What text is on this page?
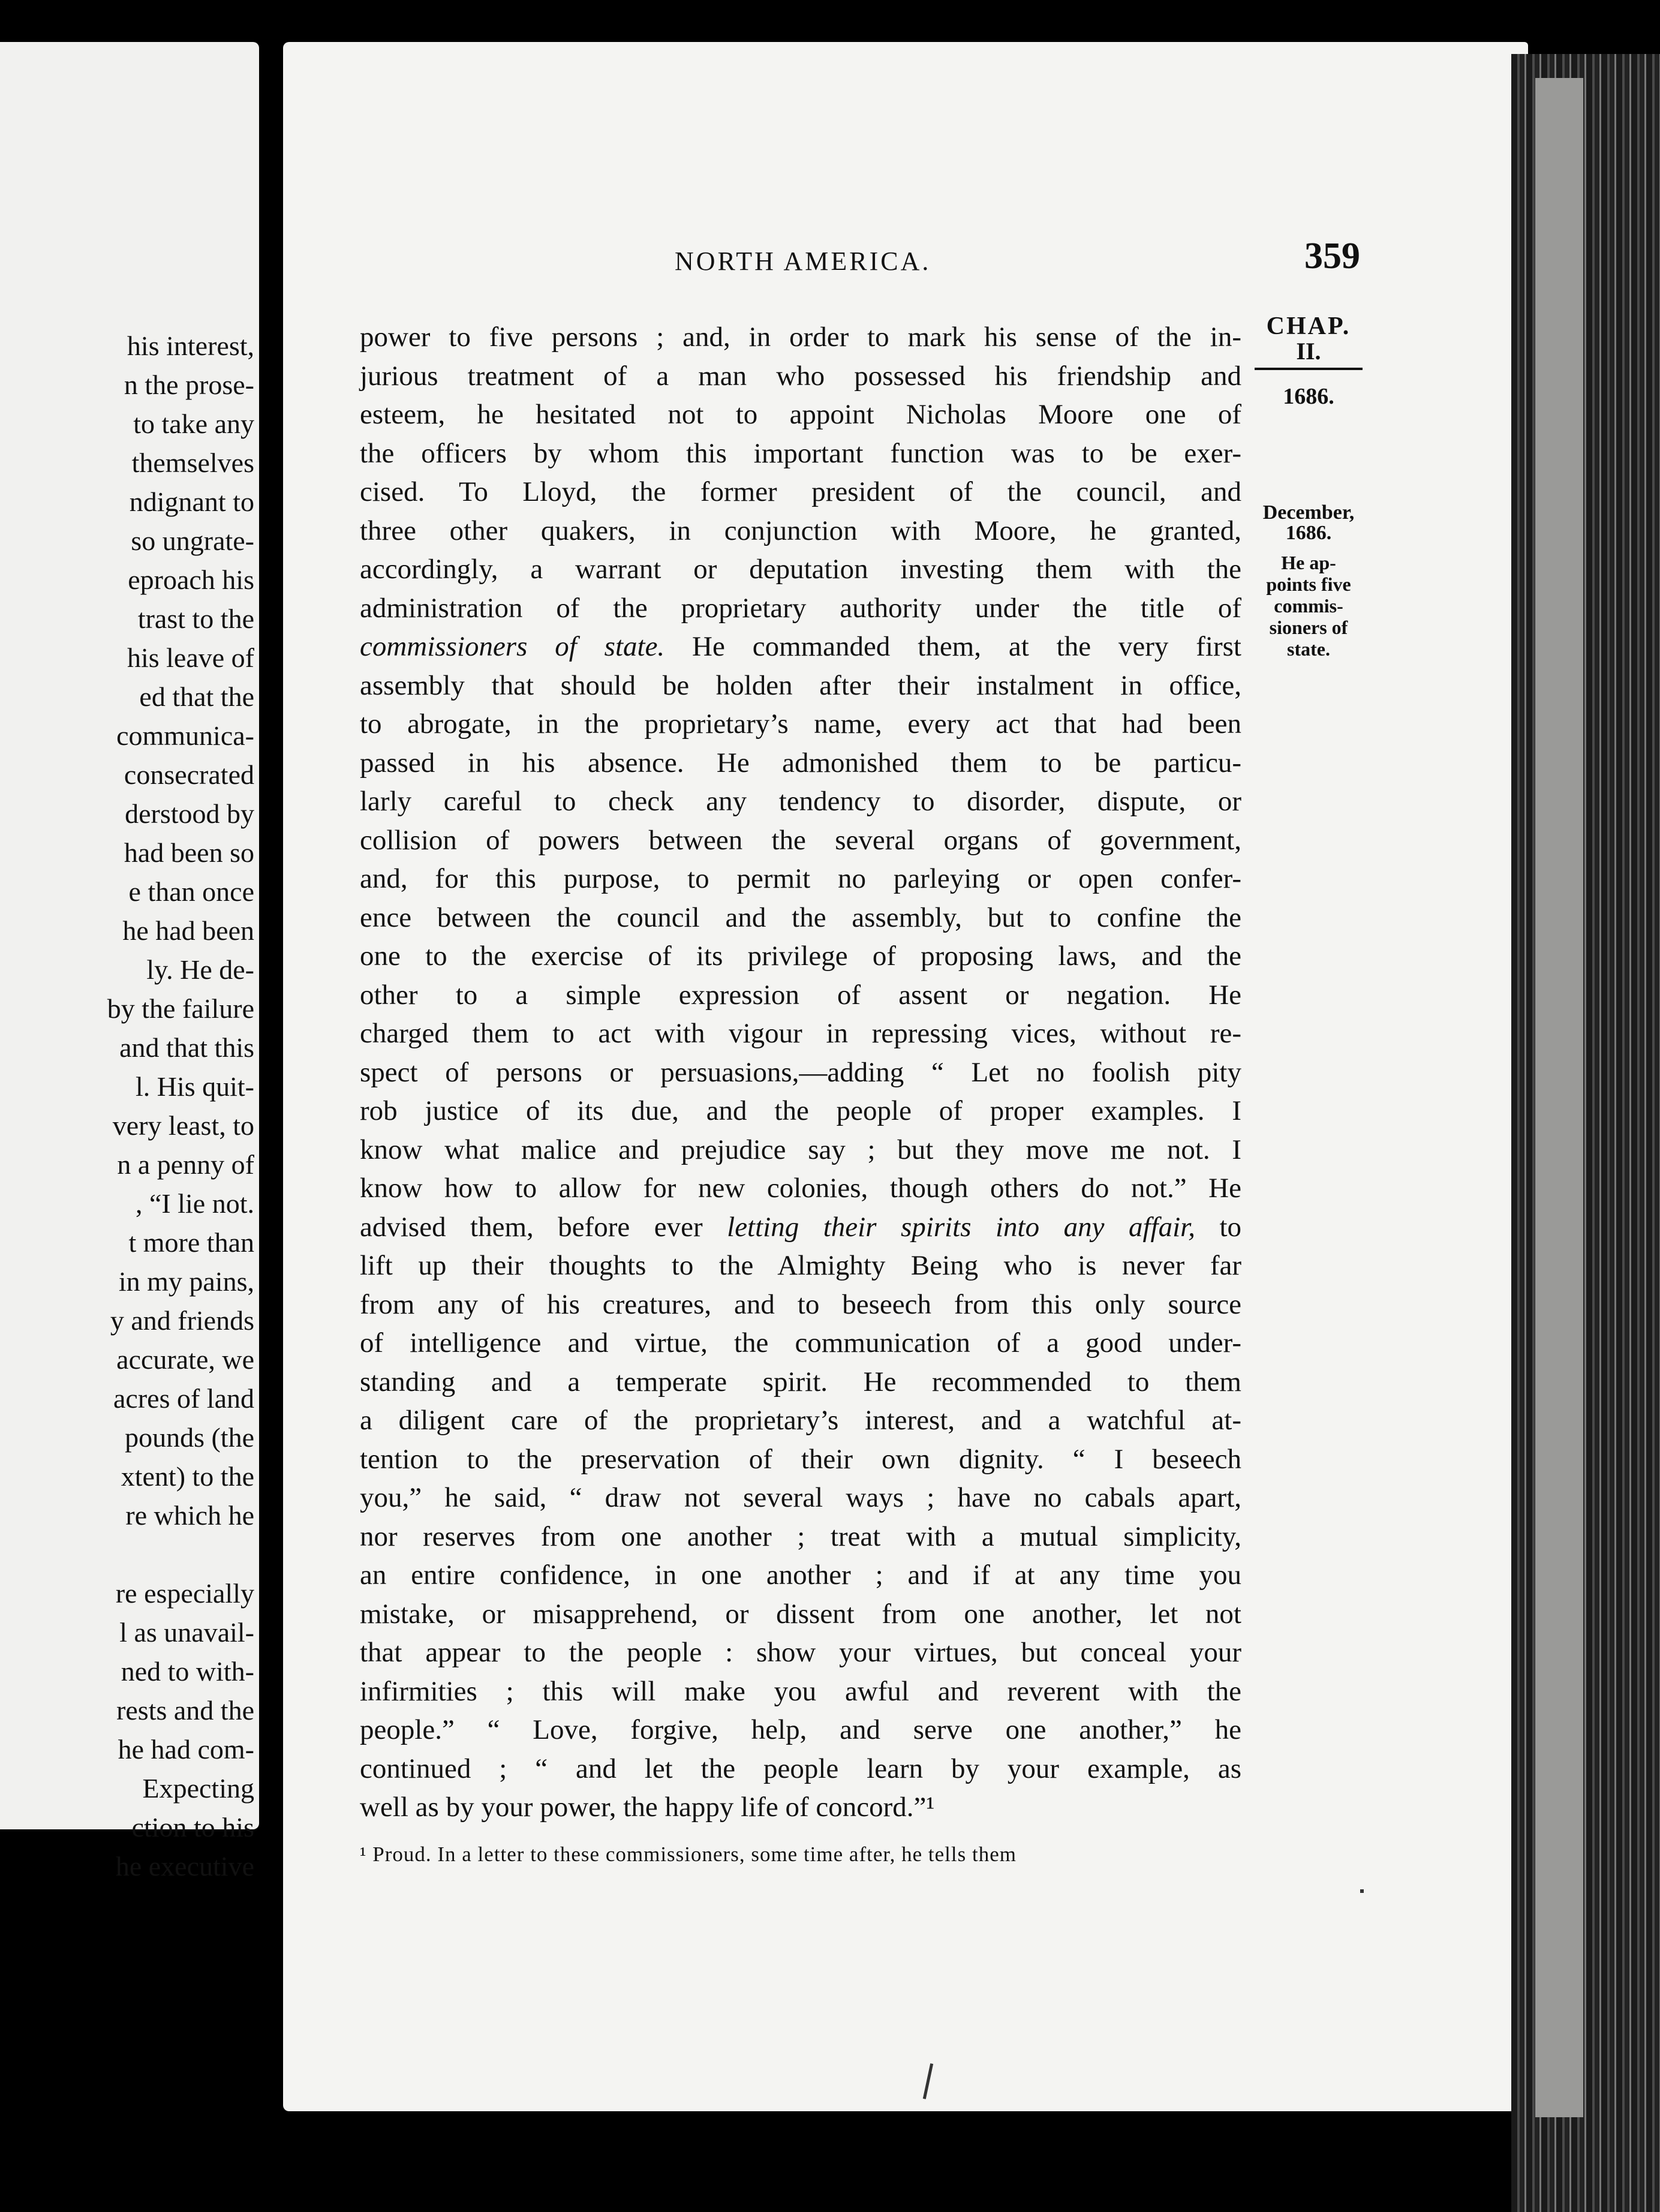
his interest,
n the prose-
to take any
themselves
ndignant to
so ungrate-
eproach his
trast to the
his leave of
ed that the
communica-
consecrated
derstood by
had been so
e than once
he had been
ly. He de-
by the failure
and that this
l. His quit-
very least, to
n a penny of
, “I lie not.
t more than
in my pains,
y and friends
accurate, we
acres of land
pounds (the
xtent) to the
re which he

re especially
l as unavail-
ned to with-
rests and the
he had com-
Expecting
ction to his
he executive
NORTH AMERICA.	359
power to five persons ; and, in order to mark his sense of the in-
jurious treatment of a man who possessed his friendship and
esteem, he hesitated not to appoint Nicholas Moore one of
the officers by whom this important function was to be exer-
cised. To Lloyd, the former president of the council, and
three other quakers, in conjunction with Moore, he granted,
accordingly, a warrant or deputation investing them with the
administration of the proprietary authority under the title of
commissioners of state. He commanded them, at the very first
assembly that should be holden after their instalment in office,
to abrogate, in the proprietary’s name, every act that had been
passed in his absence. He admonished them to be particu-
larly careful to check any tendency to disorder, dispute, or
collision of powers between the several organs of government,
and, for this purpose, to permit no parleying or open confer-
ence between the council and the assembly, but to confine the
one to the exercise of its privilege of proposing laws, and the
other to a simple expression of assent or negation. He
charged them to act with vigour in repressing vices, without re-
spect of persons or persuasions,—adding “ Let no foolish pity
rob justice of its due, and the people of proper examples. I
know what malice and prejudice say ; but they move me not. I
know how to allow for new colonies, though others do not.” He
advised them, before ever letting their spirits into any affair, to
lift up their thoughts to the Almighty Being who is never far
from any of his creatures, and to beseech from this only source
of intelligence and virtue, the communication of a good under-
standing and a temperate spirit. He recommended to them
a diligent care of the proprietary’s interest, and a watchful at-
tention to the preservation of their own dignity. “ I beseech
you,” he said, “ draw not several ways ; have no cabals apart,
nor reserves from one another ; treat with a mutual simplicity,
an entire confidence, in one another ; and if at any time you
mistake, or misapprehend, or dissent from one another, let not
that appear to the people : show your virtues, but conceal your
infirmities ; this will make you awful and reverent with the
people.” “ Love, forgive, help, and serve one another,” he
continued ; “ and let the people learn by your example, as
well as by your power, the happy life of concord.”¹
CHAP.
II.
1686.
December,
1686.
He ap-
points five
commis-
sioners of
state.
¹ Proud. In a letter to these commissioners, some time after, he tells them
